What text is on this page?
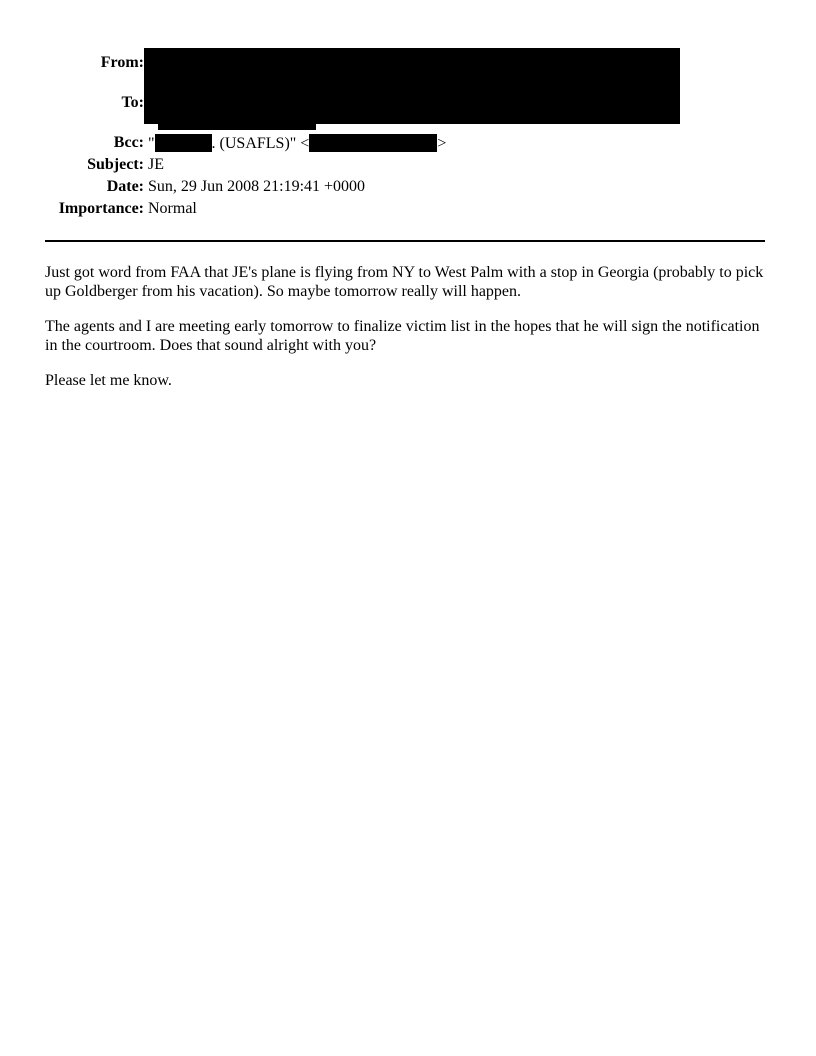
From:
To:
Bcc: "	. (USAFLS)" <	>
Subject: JE
Date: Sun, 29 Jun 2008 21:19:41 +0000
Importance: Normal

Just got word from FAA that JE's plane is flying from NY to West Palm with a stop in Georgia (probably to pick up Goldberger from his vacation). So maybe tomorrow really will happen.

The agents and I are meeting early tomorrow to finalize victim list in the hopes that he will sign the notification in the courtroom. Does that sound alright with you?

Please let me know.
